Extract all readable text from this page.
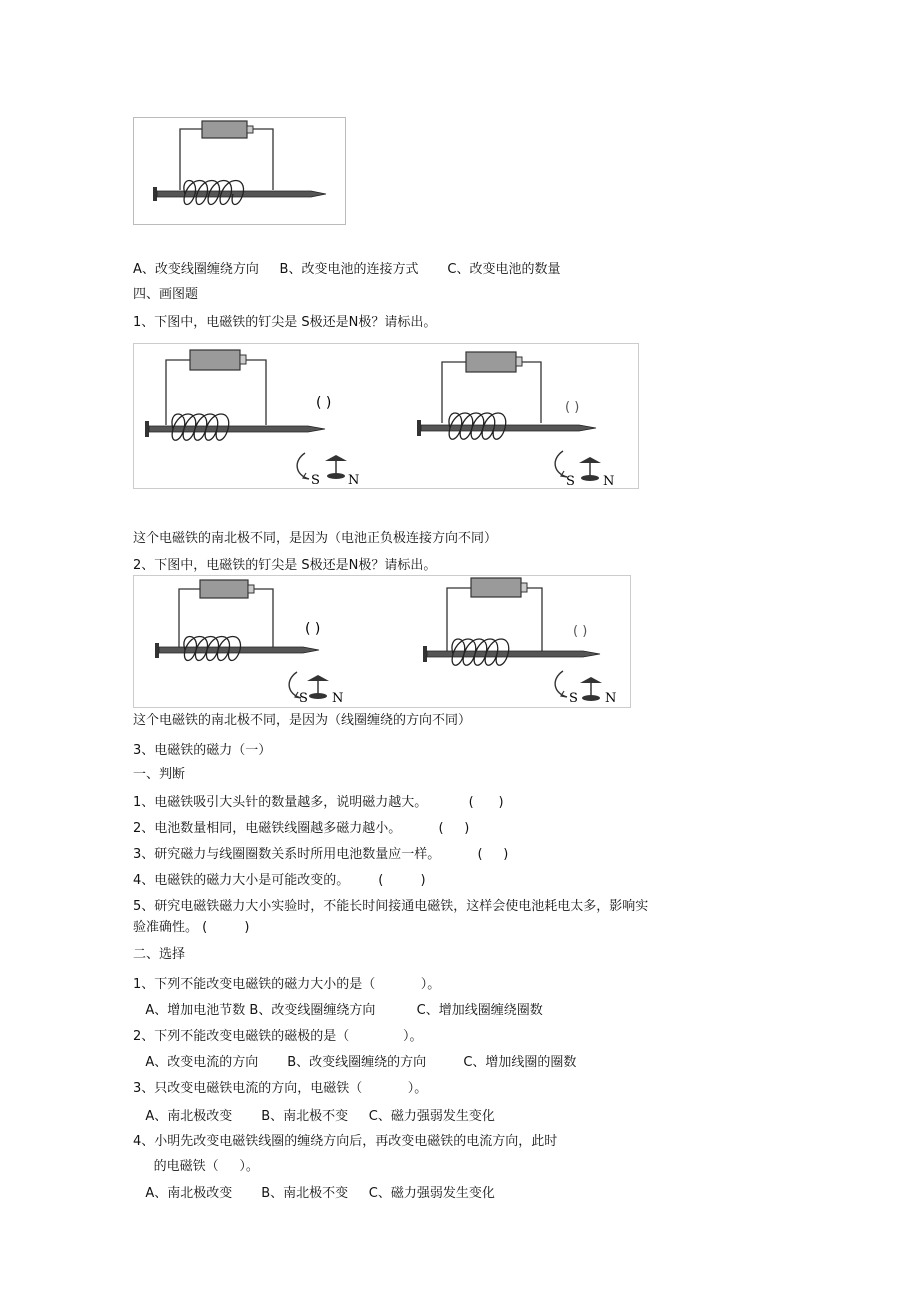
A、改变线圈缠绕方向     B、改变电池的连接方式       C、改变电池的数量
四、画图题
1、下图中，电磁铁的钉尖是 S极还是N极？请标出。
( )
S N
( )
S N
这个电磁铁的南北极不同，是因为（电池正负极连接方向不同）
2、下图中，电磁铁的钉尖是 S极还是N极？请标出。
( )
S N
( )
S N
这个电磁铁的南北极不同，是因为（线圈缠绕的方向不同）
3、电磁铁的磁力（一）
一、判断
1、电磁铁吸引大头针的数量越多，说明磁力越大。          (      )
2、电池数量相同，电磁铁线圈越多磁力越小。         (     )
3、研究磁力与线圈圈数关系时所用电池数量应一样。         (     )
4、电磁铁的磁力大小是可能改变的。       (         )
5、研究电磁铁磁力大小实验时，不能长时间接通电磁铁，这样会使电池耗电太多，影响实
验准确性。 (         )
二、选择
1、下列不能改变电磁铁的磁力大小的是（           ）。
A、增加电池节数 B、改变线圈缠绕方向          C、增加线圈缠绕圈数
2、下列不能改变电磁铁的磁极的是（             ）。
A、改变电流的方向       B、改变线圈缠绕的方向         C、增加线圈的圈数
3、只改变电磁铁电流的方向，电磁铁（           ）。
A、南北极改变       B、南北极不变     C、磁力强弱发生变化
4、小明先改变电磁铁线圈的缠绕方向后，再改变电磁铁的电流方向，此时
的电磁铁（     ）。
A、南北极改变       B、南北极不变     C、磁力强弱发生变化
